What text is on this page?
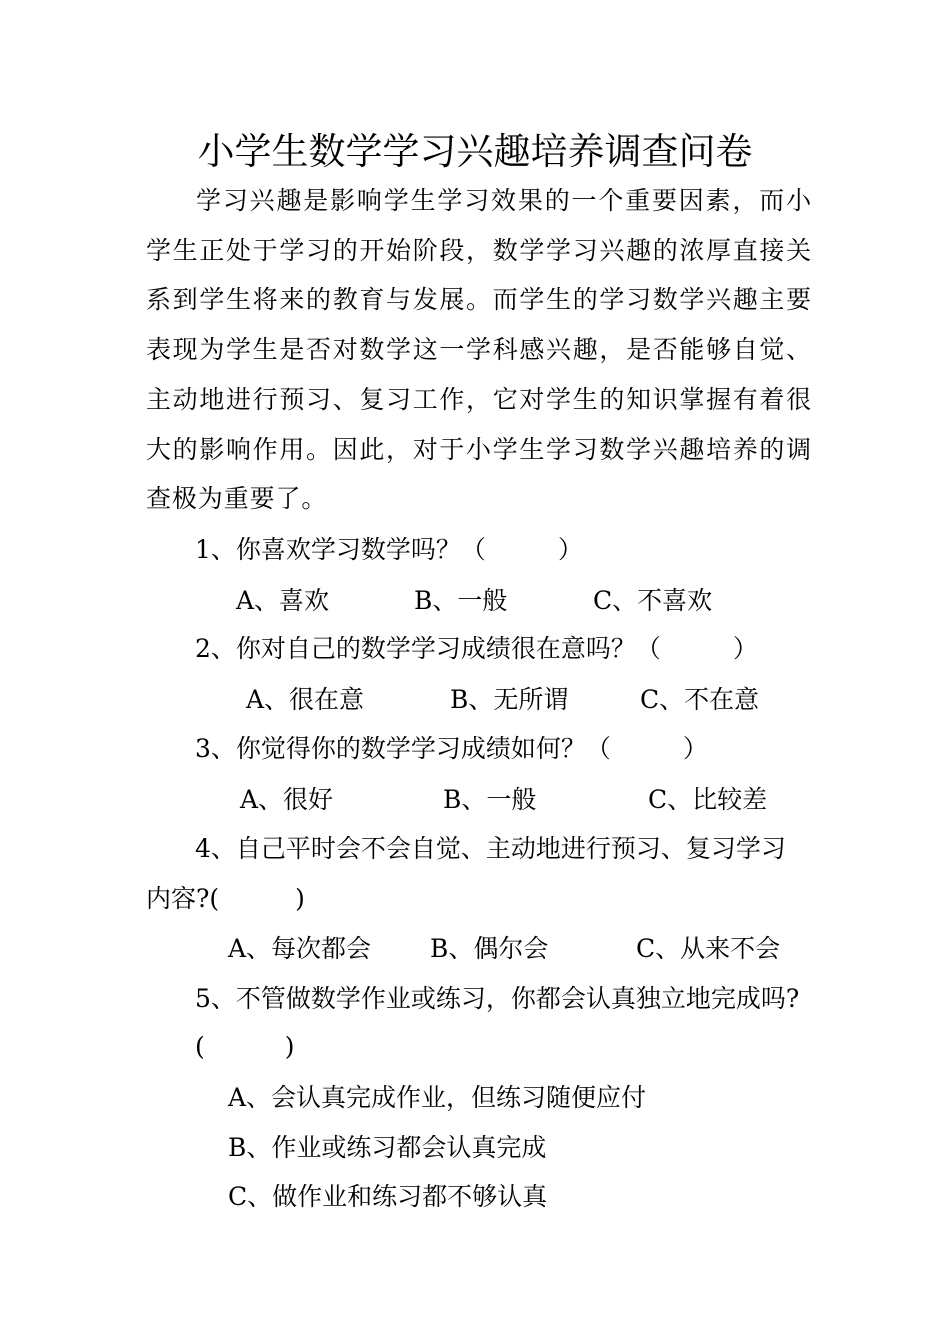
小学生数学学习兴趣培养调查问卷

学习兴趣是影响学生学习效果的一个重要因素，而小学生正处于学习的开始阶段，数学学习兴趣的浓厚直接关系到学生将来的教育与发展。而学生的学习数学兴趣主要表现为学生是否对数学这一学科感兴趣，是否能够自觉、主动地进行预习、复习工作，它对学生的知识掌握有着很大的影响作用。因此，对于小学生学习数学兴趣培养的调查极为重要了。

1、你喜欢学习数学吗？（	）
A、喜欢	B、一般	C、不喜欢
2、你对自己的数学学习成绩很在意吗？（	）
A、很在意	B、无所谓	C、不在意
3、你觉得你的数学学习成绩如何？（	）
A、很好	B、一般	C、比较差
4、自己平时会不会自觉、主动地进行预习、复习学习
内容?(	)
A、每次都会 B、偶尔会	C、从来不会
5、不管做数学作业或练习，你都会认真独立地完成吗?
(	)
A、会认真完成作业，但练习随便应付
B、作业或练习都会认真完成
C、做作业和练习都不够认真
